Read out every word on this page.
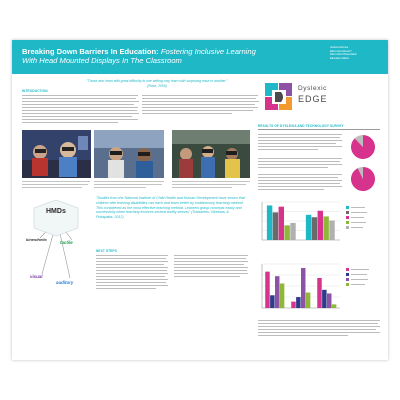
Breaking Down Barriers In Education: Fostering Inclusive Learning With Head Mounted Displays In The Classroom
Jessica Holmes
Ellis Instructional T.
Rita Imbert Dissertation
Education Elbert
"Those who learn with great difficulty in one setting may learn with surprising ease in another." (Rose, 2009)
INTRODUCTION
HMDs
kinesthetic
tactile
visual
auditory
"Studies from the National Institute of Child Health and Human Development have shown that children with learning disabilities can each and learn better by multisensory teaching method. This considered as the most effective teaching method. Learners grasp concepts easily and successfully when teaching involves several bodily senses" (Tratsanthu, Nireewa, & Puttapatta, 2012)
NEXT STEPS
Dyslexic
EDGE
RESULTS OF DYSLEXIA AND TECHNOLOGY SURVEY
